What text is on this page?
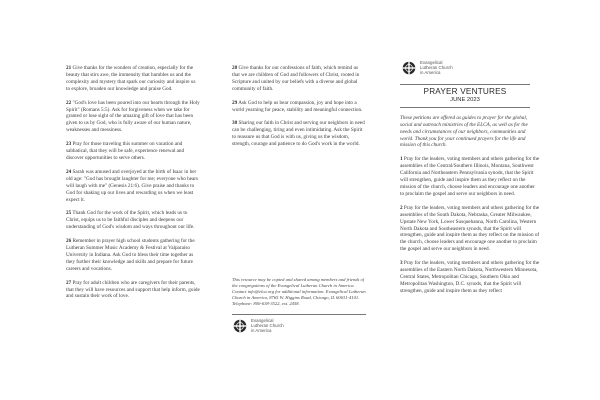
21 Give thanks for the wonders of creation, especially for the beauty that stirs awe, the immensity that humbles us and the complexity and mystery that spark our curiosity and inspire us to explore, broaden our knowledge and praise God.

22 "God's love has been poured into our hearts through the Holy Spirit" (Romans 5:5). Ask for forgiveness when we take for granted or lose sight of the amazing gift of love that has been given to us by God, who is fully aware of our human nature, weaknesses and messiness.

23 Pray for those traveling this summer on vacation and sabbatical, that they will be safe, experience renewal and discover opportunities to serve others.

24 Sarah was amused and overjoyed at the birth of Isaac in her old age: "God has brought laughter for me; everyone who hears will laugh with me" (Genesis 21:6). Give praise and thanks to God for shaking up our lives and rewarding us when we least expect it.

25 Thank God for the work of the Spirit, which leads us to Christ, equips us to be faithful disciples and deepens our understanding of God's wisdom and ways throughout our life.

26 Remember in prayer high school students gathering for the Lutheran Summer Music Academy & Festival at Valparaiso University in Indiana. Ask God to bless their time together as they further their knowledge and skills and prepare for future careers and vocations.

27 Pray for adult children who are caregivers for their parents, that they will have resources and support that help inform, guide and sustain their work of love.

28 Give thanks for our confessions of faith, which remind us that we are children of God and followers of Christ, rooted in Scripture and united by our beliefs with a diverse and global community of faith.

29 Ask God to help us bear compassion, joy and hope into a world yearning for peace, stability and meaningful connection.

30 Sharing our faith in Christ and serving our neighbors in need can be challenging, tiring and even intimidating. Ask the Spirit to reassure us that God is with us, giving us the wisdom, strength, courage and patience to do God's work in the world.

This resource may be copied and shared among members and friends of the congregations of the Evangelical Lutheran Church in America. Contact info@elca.org for additional information. Evangelical Lutheran Church in America, 8765 W. Higgins Road, Chicago, IL 60631-4101. Telephone: 800-638-3522, ext. 2458.

Evangelical
Lutheran Church
in America
Evangelical
Lutheran Church
in America
PRAYER VENTURES
JUNE 2023

These petitions are offered as guides to prayer for the global, social and outreach ministries of the ELCA, as well as for the needs and circumstances of our neighbors, communities and world. Thank you for your continued prayers for the life and mission of this church.

1 Pray for the leaders, voting members and others gathering for the assemblies of the Central/Southern Illinois, Montana, Southwest California and Northeastern Pennsylvania synods, that the Spirit will strengthen, guide and inspire them as they reflect on the mission of the church, choose leaders and encourage one another to proclaim the gospel and serve our neighbors in need.

2 Pray for the leaders, voting members and others gathering for the assemblies of the South Dakota, Nebraska, Greater Milwaukee, Upstate New York, Lower Susquehanna, North Carolina, Western North Dakota and Southeastern synods, that the Spirit will strengthen, guide and inspire them as they reflect on the mission of the church, choose leaders and encourage one another to proclaim the gospel and serve our neighbors in need.

3 Pray for the leaders, voting members and others gathering for the assemblies of the Eastern North Dakota, Northwestern Minnesota, Central States, Metropolitan Chicago, Southern Ohio and Metropolitan Washington, D.C. synods, that the Spirit will strengthen, guide and inspire them as they reflect
